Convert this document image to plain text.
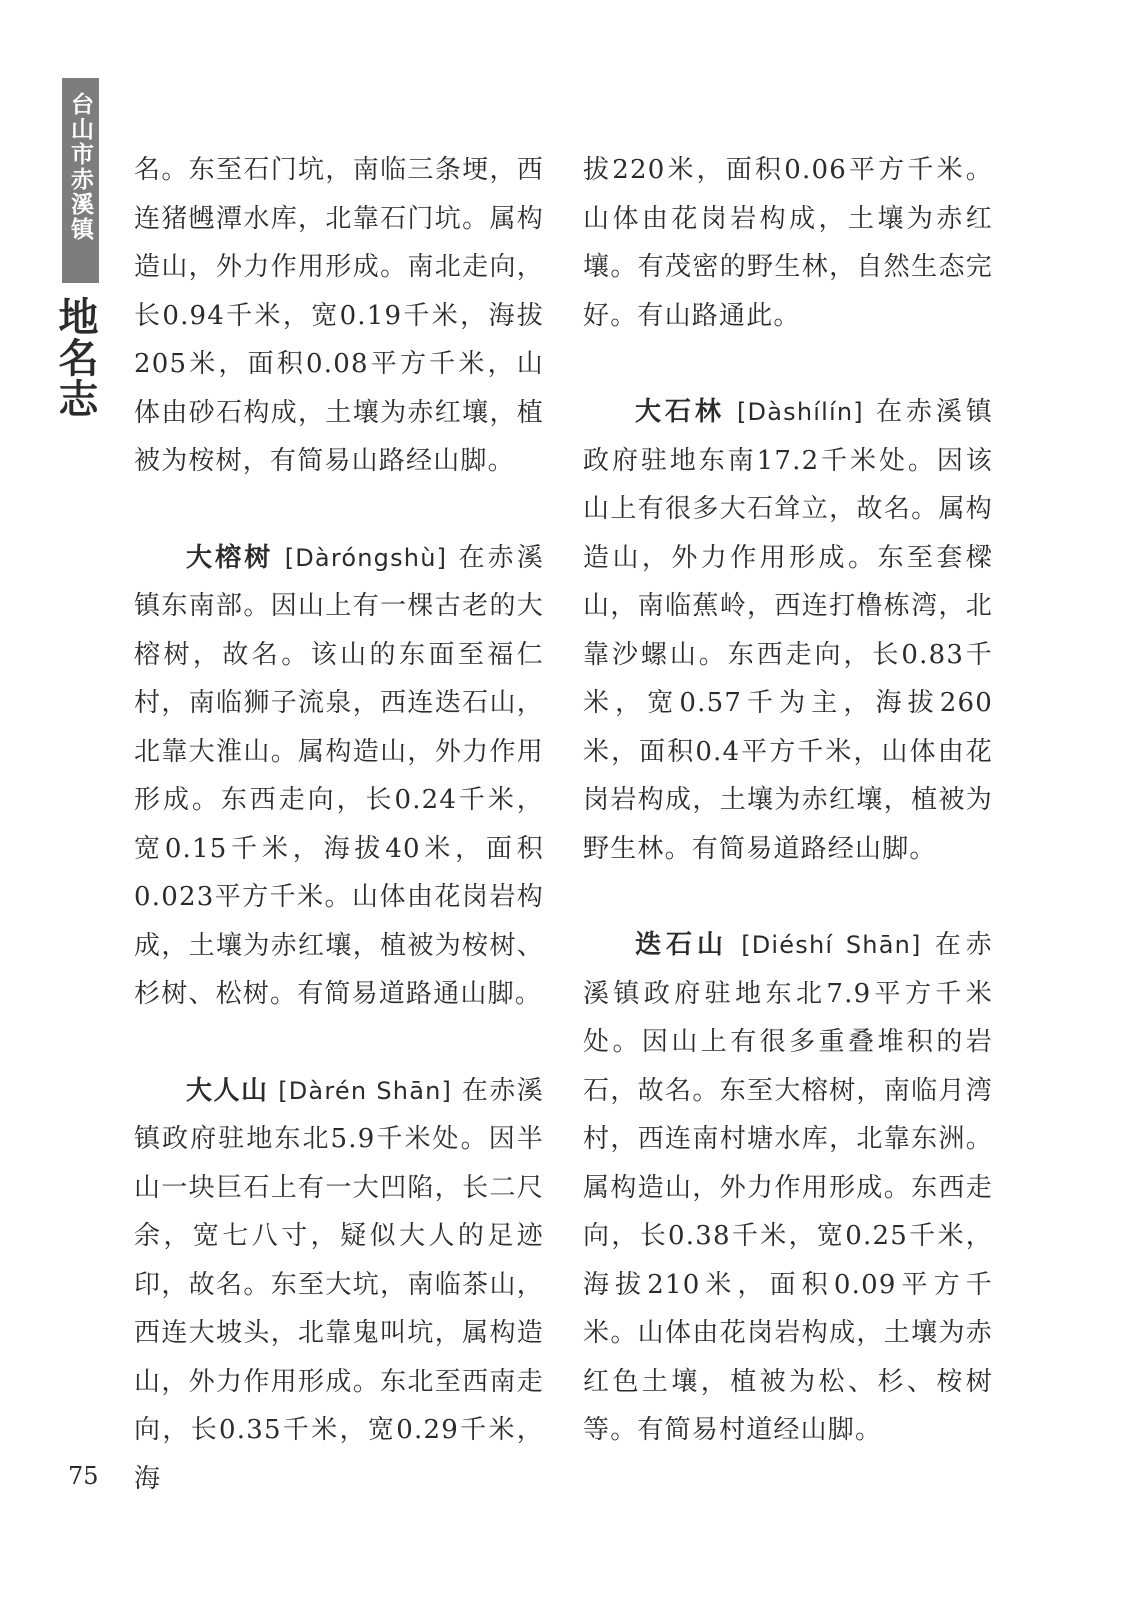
台山市赤溪镇
地名志

名。东至石门坑，南临三条埂，西连猪乸潭水库，北靠石门坑。属构造山，外力作用形成。南北走向，长0.94千米，宽0.19千米，海拔205米，面积0.08平方千米，山体由砂石构成，土壤为赤红壤，植被为桉树，有简易山路经山脚。

大榕树 [Dàróngshù] 在赤溪镇东南部。因山上有一棵古老的大榕树，故名。该山的东面至福仁村，南临狮子流泉，西连迭石山，北靠大淮山。属构造山，外力作用形成。东西走向，长0.24千米，宽0.15千米，海拔40米，面积0.023平方千米。山体由花岗岩构成，土壤为赤红壤，植被为桉树、杉树、松树。有简易道路通山脚。

大人山 [Dàrén Shān] 在赤溪镇政府驻地东北5.9千米处。因半山一块巨石上有一大凹陷，长二尺余，宽七八寸，疑似大人的足迹印，故名。东至大坑，南临茶山，西连大坡头，北靠鬼叫坑，属构造山，外力作用形成。东北至西南走向，长0.35千米，宽0.29千米，海

拔220米，面积0.06平方千米。山体由花岗岩构成，土壤为赤红壤。有茂密的野生林，自然生态完好。有山路通此。

大石林 [Dàshílín] 在赤溪镇政府驻地东南17.2千米处。因该山上有很多大石耸立，故名。属构造山，外力作用形成。东至套樑山，南临蕉岭，西连打橹栋湾，北靠沙螺山。东西走向，长0.83千米，宽0.57千为主，海拔260米，面积0.4平方千米，山体由花岗岩构成，土壤为赤红壤，植被为野生林。有简易道路经山脚。

迭石山 [Diéshí Shān] 在赤溪镇政府驻地东北7.9平方千米处。因山上有很多重叠堆积的岩石，故名。东至大榕树，南临月湾村，西连南村塘水库，北靠东洲。属构造山，外力作用形成。东西走向，长0.38千米，宽0.25千米，海拔210米，面积0.09平方千米。山体由花岗岩构成，土壤为赤红色土壤，植被为松、杉、桉树等。有简易村道经山脚。

75
